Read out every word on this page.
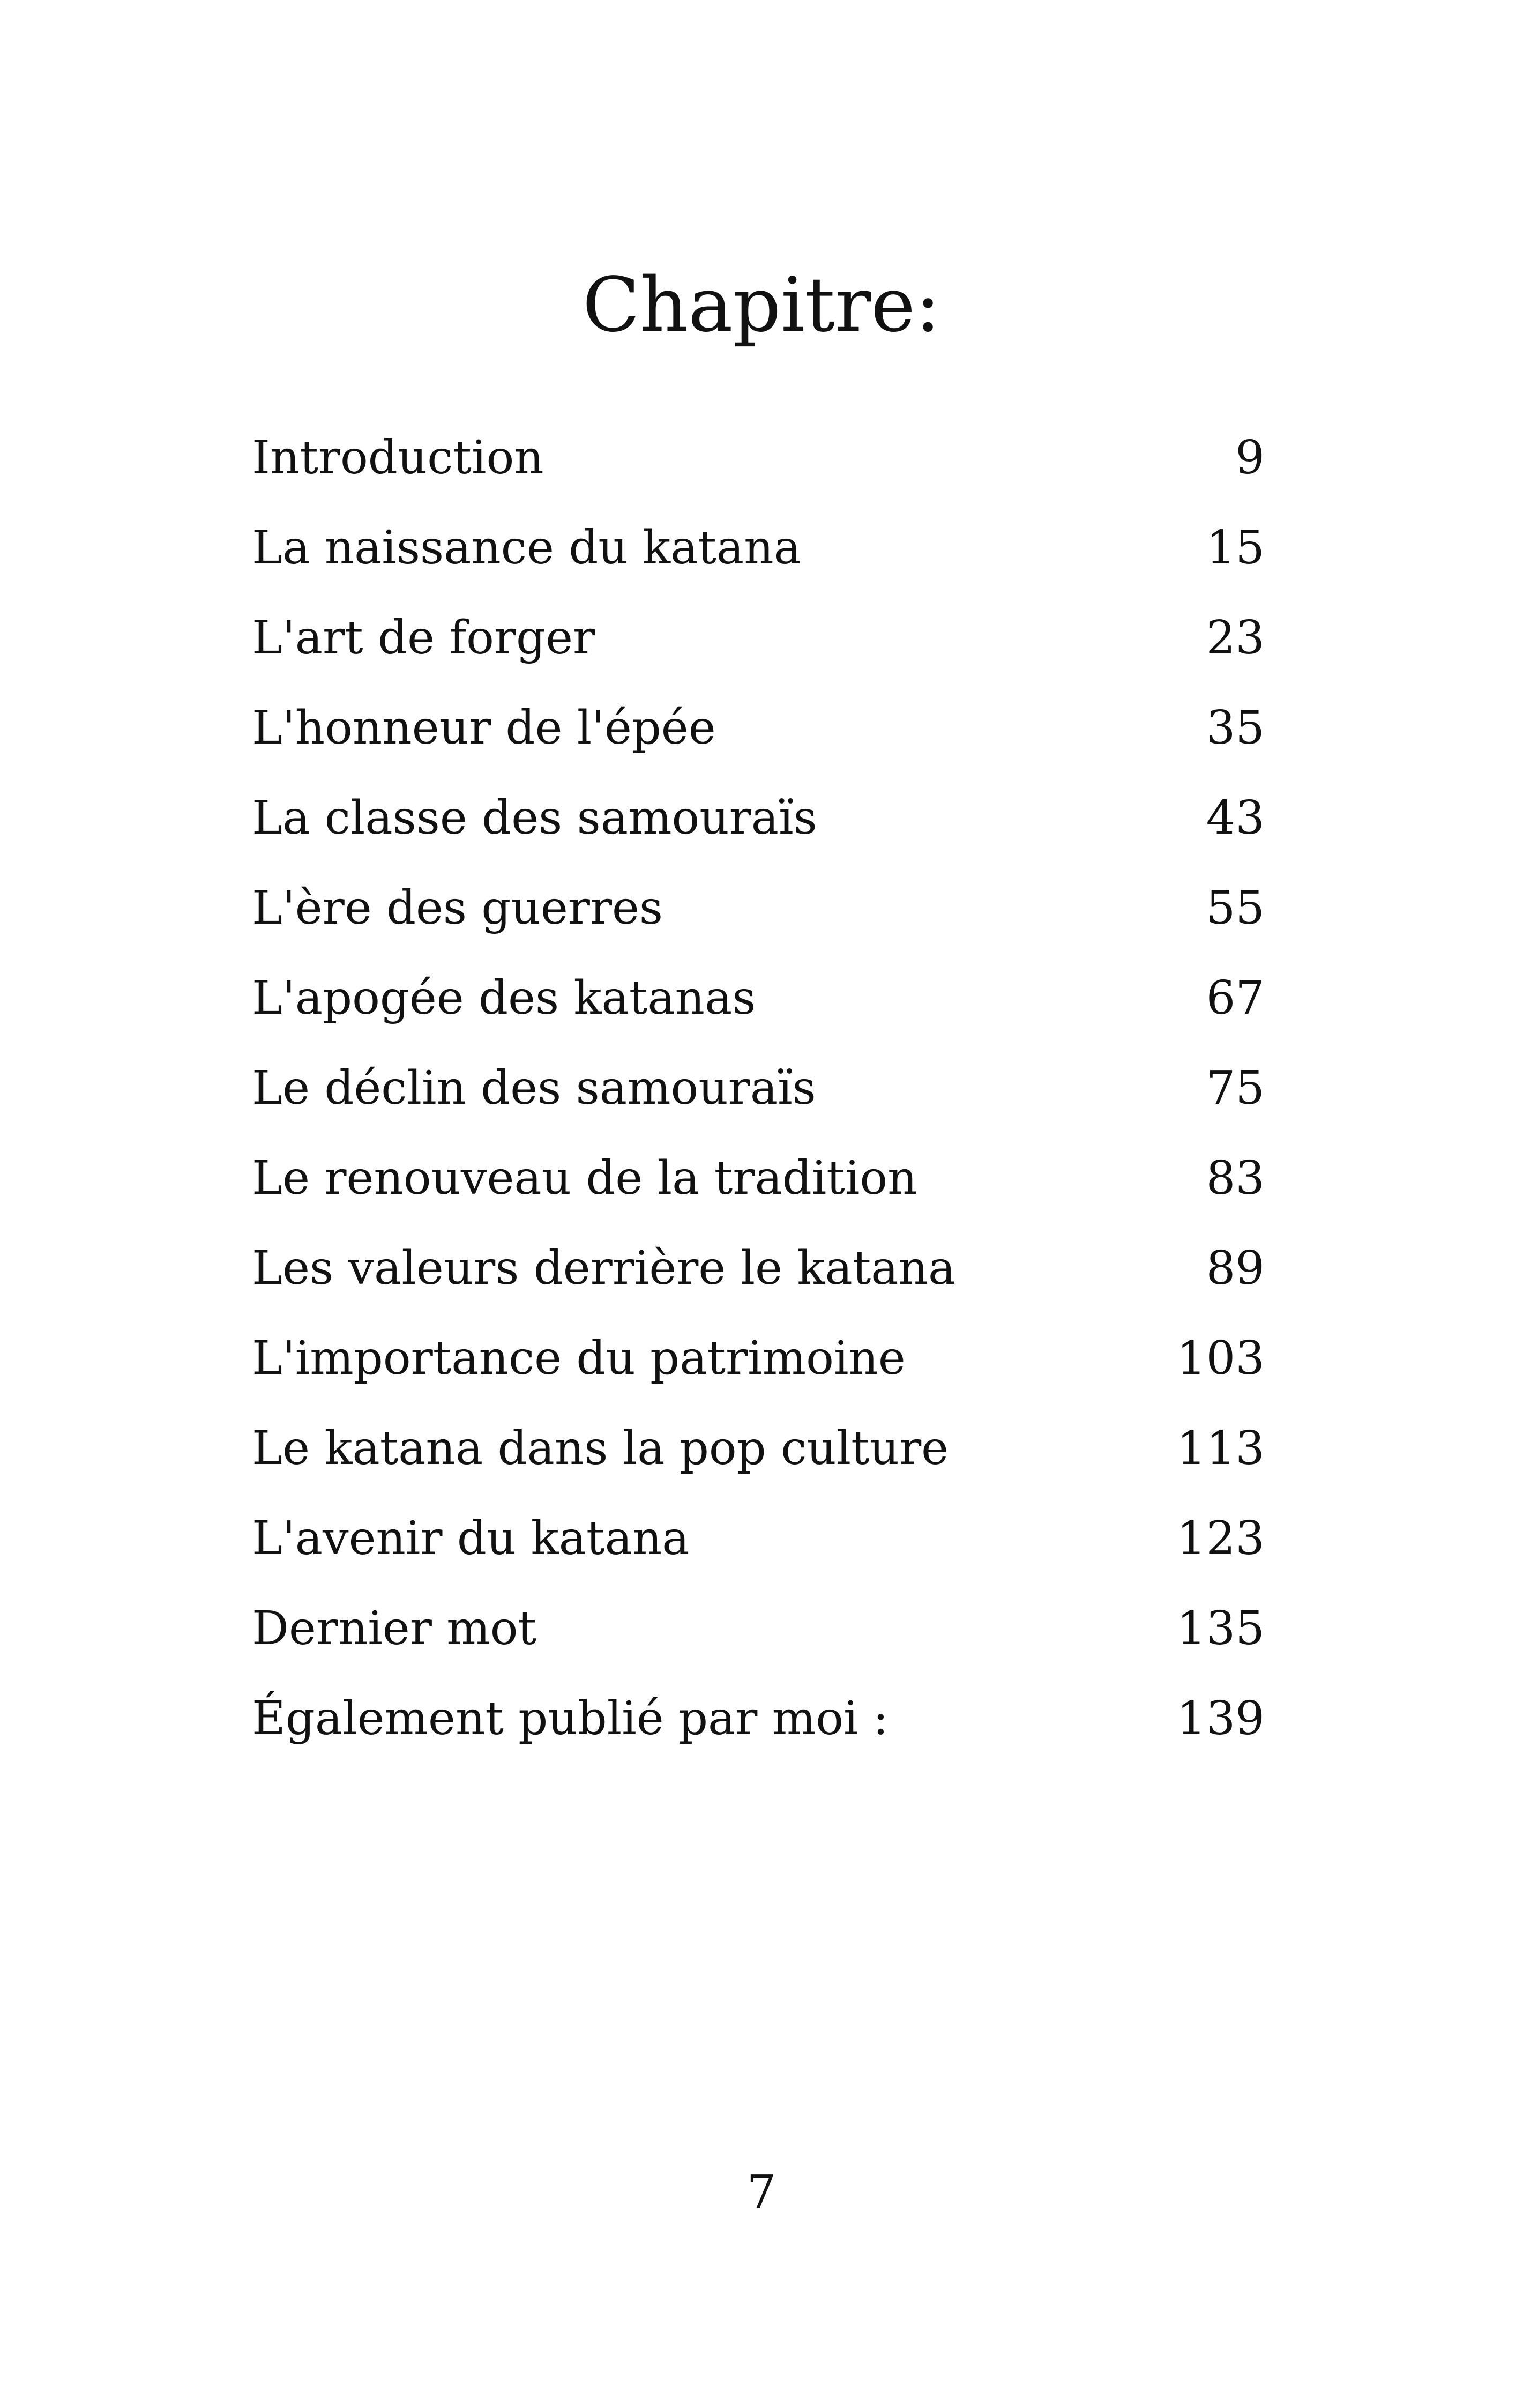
Chapitre:
Introduction	9
La naissance du katana	15
L'art de forger	23
L'honneur de l'épée	35
La classe des samouraïs	43
L'ère des guerres	55
L'apogée des katanas	67
Le déclin des samouraïs	75
Le renouveau de la tradition	83
Les valeurs derrière le katana	89
L'importance du patrimoine	103
Le katana dans la pop culture	113
L'avenir du katana	123
Dernier mot	135
Également publié par moi :	139
7
